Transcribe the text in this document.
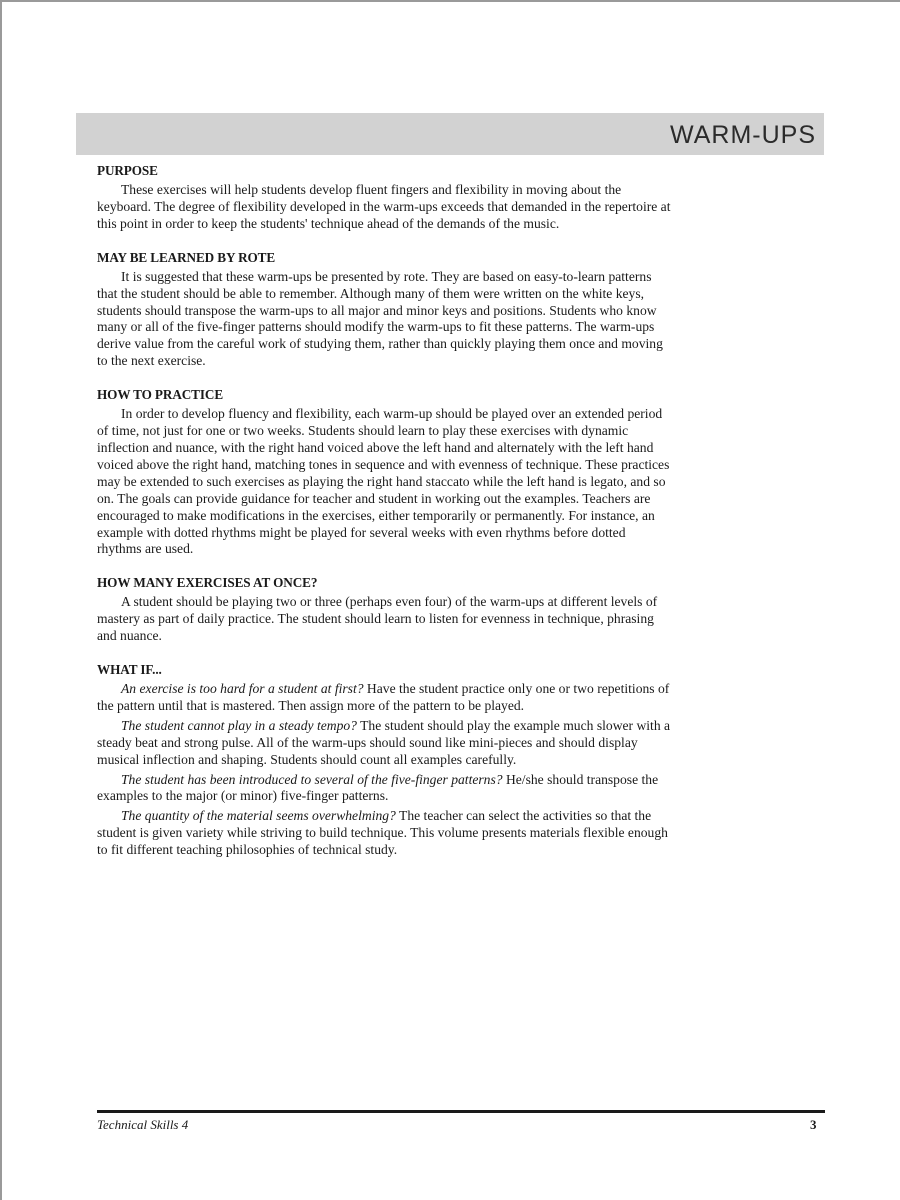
WARM-UPS
PURPOSE

These exercises will help students develop fluent fingers and flexibility in moving about the keyboard. The degree of flexibility developed in the warm-ups exceeds that demanded in the repertoire at this point in order to keep the students' technique ahead of the demands of the music.

MAY BE LEARNED BY ROTE

It is suggested that these warm-ups be presented by rote. They are based on easy-to-learn patterns that the student should be able to remember. Although many of them were written on the white keys, students should transpose the warm-ups to all major and minor keys and positions. Students who know many or all of the five-finger patterns should modify the warm-ups to fit these patterns. The warm-ups derive value from the careful work of studying them, rather than quickly playing them once and moving to the next exercise.

HOW TO PRACTICE

In order to develop fluency and flexibility, each warm-up should be played over an extended period of time, not just for one or two weeks. Students should learn to play these exercises with dynamic inflection and nuance, with the right hand voiced above the left hand and alternately with the left hand voiced above the right hand, matching tones in sequence and with evenness of technique. These practices may be extended to such exercises as playing the right hand staccato while the left hand is legato, and so on. The goals can provide guidance for teacher and student in working out the examples. Teachers are encouraged to make modifications in the exercises, either temporarily or permanently. For instance, an example with dotted rhythms might be played for several weeks with even rhythms before dotted rhythms are used.

HOW MANY EXERCISES AT ONCE?

A student should be playing two or three (perhaps even four) of the warm-ups at different levels of mastery as part of daily practice. The student should learn to listen for evenness in technique, phrasing and nuance.

WHAT IF...

An exercise is too hard for a student at first? Have the student practice only one or two repetitions of the pattern until that is mastered. Then assign more of the pattern to be played.

The student cannot play in a steady tempo? The student should play the example much slower with a steady beat and strong pulse. All of the warm-ups should sound like mini-pieces and should display musical inflection and shaping. Students should count all examples carefully.

The student has been introduced to several of the five-finger patterns? He/she should transpose the examples to the major (or minor) five-finger patterns.

The quantity of the material seems overwhelming? The teacher can select the activities so that the student is given variety while striving to build technique. This volume presents materials flexible enough to fit different teaching philosophies of technical study.

Technical Skills 4	3
